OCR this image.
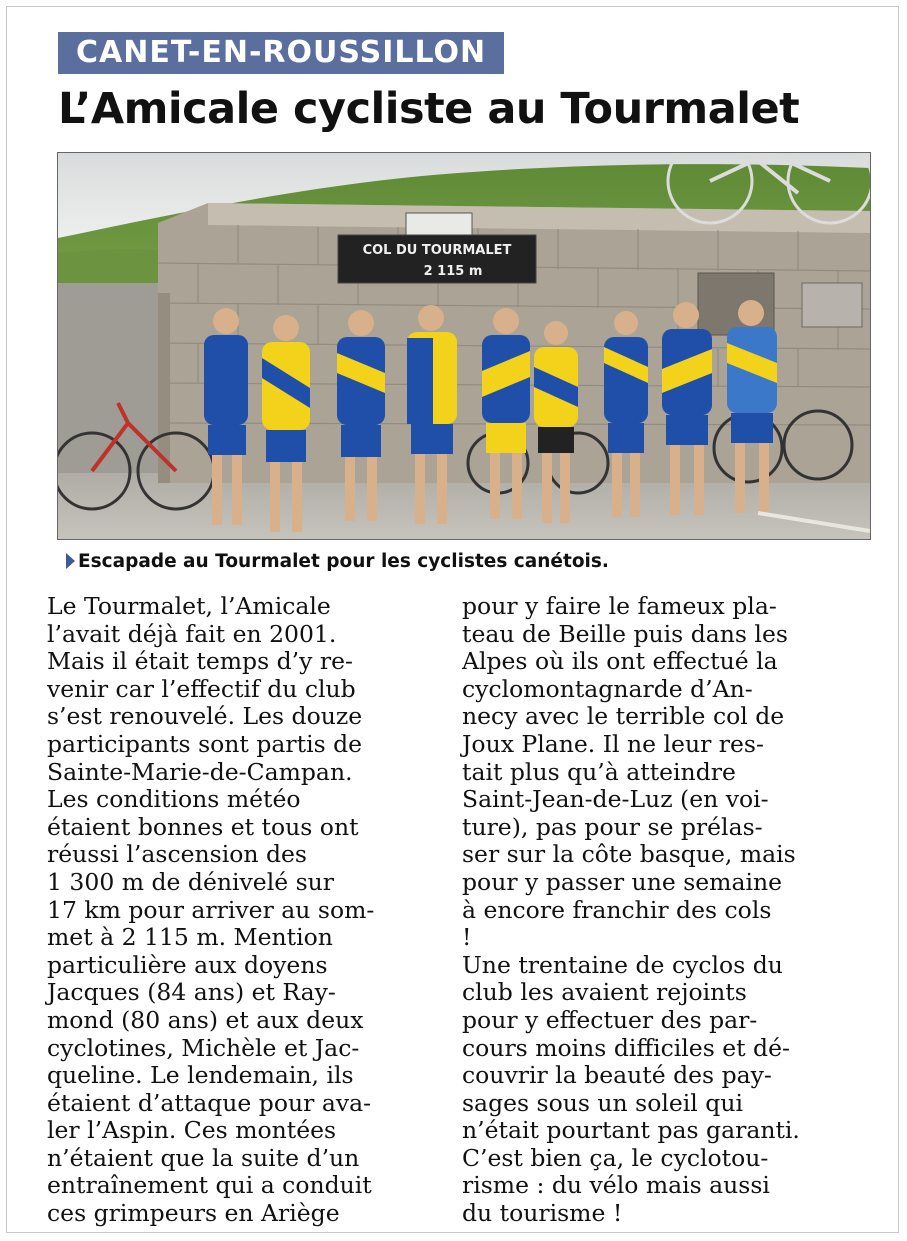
CANET-EN-ROUSSILLON
L’Amicale cycliste au Tourmalet
COL DU TOURMALET
2 115 m
Escapade au Tourmalet pour les cyclistes canétois.
Le Tourmalet, l’Amicale
l’avait déjà fait en 2001.
Mais il était temps d’y re-
venir car l’effectif du club
s’est renouvelé. Les douze
participants sont partis de
Sainte-Marie-de-Campan.
Les conditions météo
étaient bonnes et tous ont
réussi l’ascension des
1 300 m de dénivelé sur
17 km pour arriver au som-
met à 2 115 m. Mention
particulière aux doyens
Jacques (84 ans) et Ray-
mond (80 ans) et aux deux
cyclotines, Michèle et Jac-
queline. Le lendemain, ils
étaient d’attaque pour ava-
ler l’Aspin. Ces montées
n’étaient que la suite d’un
entraînement qui a conduit
ces grimpeurs en Ariège
pour y faire le fameux pla-
teau de Beille puis dans les
Alpes où ils ont effectué la
cyclomontagnarde d’An-
necy avec le terrible col de
Joux Plane. Il ne leur res-
tait plus qu’à atteindre
Saint-Jean-de-Luz (en voi-
ture), pas pour se prélas-
ser sur la côte basque, mais
pour y passer une semaine
à encore franchir des cols
!
Une trentaine de cyclos du
club les avaient rejoints
pour y effectuer des par-
cours moins difficiles et dé-
couvrir la beauté des pay-
sages sous un soleil qui
n’était pourtant pas garanti.
C’est bien ça, le cyclotou-
risme : du vélo mais aussi
du tourisme !
